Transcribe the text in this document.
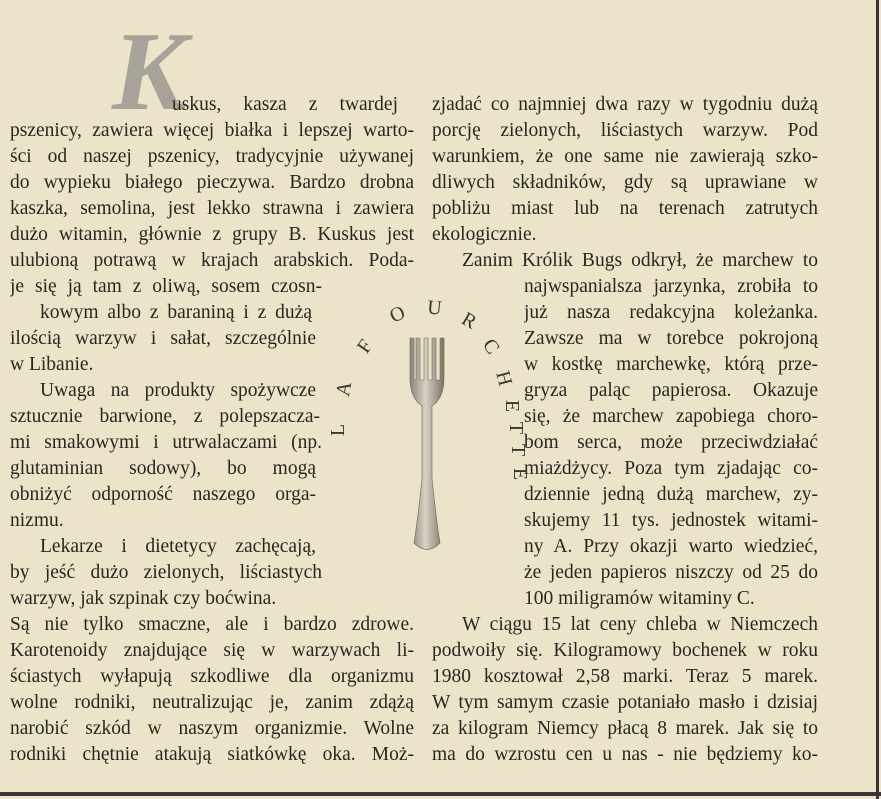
K
uskus, kasza z twardej
pszenicy, zawiera więcej białka i lepszej warto-
ści od naszej pszenicy, tradycyjnie używanej
do wypieku białego pieczywa. Bardzo drobna
kaszka, semolina, jest lekko strawna i zawiera
dużo witamin, głównie z grupy B. Kuskus jest
ulubioną potrawą w krajach arabskich. Poda-
je się ją tam z oliwą, sosem czosn-
kowym albo z baraniną i z dużą
ilością warzyw i sałat, szczególnie
w Libanie.
Uwaga na produkty spożywcze
sztucznie barwione, z polepszacza-
mi smakowymi i utrwalaczami (np.
glutaminian sodowy), bo mogą
obniżyć odporność naszego orga-
nizmu.
Lekarze i dietetycy zachęcają,
by jeść dużo zielonych, liściastych
warzyw, jak szpinak czy boćwina.
Są nie tylko smaczne, ale i bardzo zdrowe.
Karotenoidy znajdujące się w warzywach li-
ściastych wyłapują szkodliwe dla organizmu
wolne rodniki, neutralizując je, zanim zdążą
narobić szkód w naszym organizmie. Wolne
rodniki chętnie atakują siatkówkę oka. Moż-
zjadać co najmniej dwa razy w tygodniu dużą
porcję zielonych, liściastych warzyw. Pod
warunkiem, że one same nie zawierają szko-
dliwych składników, gdy są uprawiane w
pobliżu miast lub na terenach zatrutych
ekologicznie.
Zanim Królik Bugs odkrył, że marchew to
najwspanialsza jarzynka, zrobiła to
już nasza redakcyjna koleżanka.
Zawsze ma w torebce pokrojoną
w kostkę marchewkę, którą prze-
gryza paląc papierosa. Okazuje
się, że marchew zapobiega choro-
bom serca, może przeciwdziałać
miażdżycy. Poza tym zjadając co-
dziennie jedną dużą marchew, zy-
skujemy 11 tys. jednostek witami-
ny A. Przy okazji warto wiedzieć,
że jeden papieros niszczy od 25 do
100 miligramów witaminy C.
W ciągu 15 lat ceny chleba w Niemczech
podwoiły się. Kilogramowy bochenek w roku
1980 kosztował 2,58 marki. Teraz 5 marek.
W tym samym czasie potaniało masło i dzisiaj
za kilogram Niemcy płacą 8 marek. Jak się to
ma do wzrostu cen u nas - nie będziemy ko-
L
A
F
O U R
C
H
E
T
T
E
